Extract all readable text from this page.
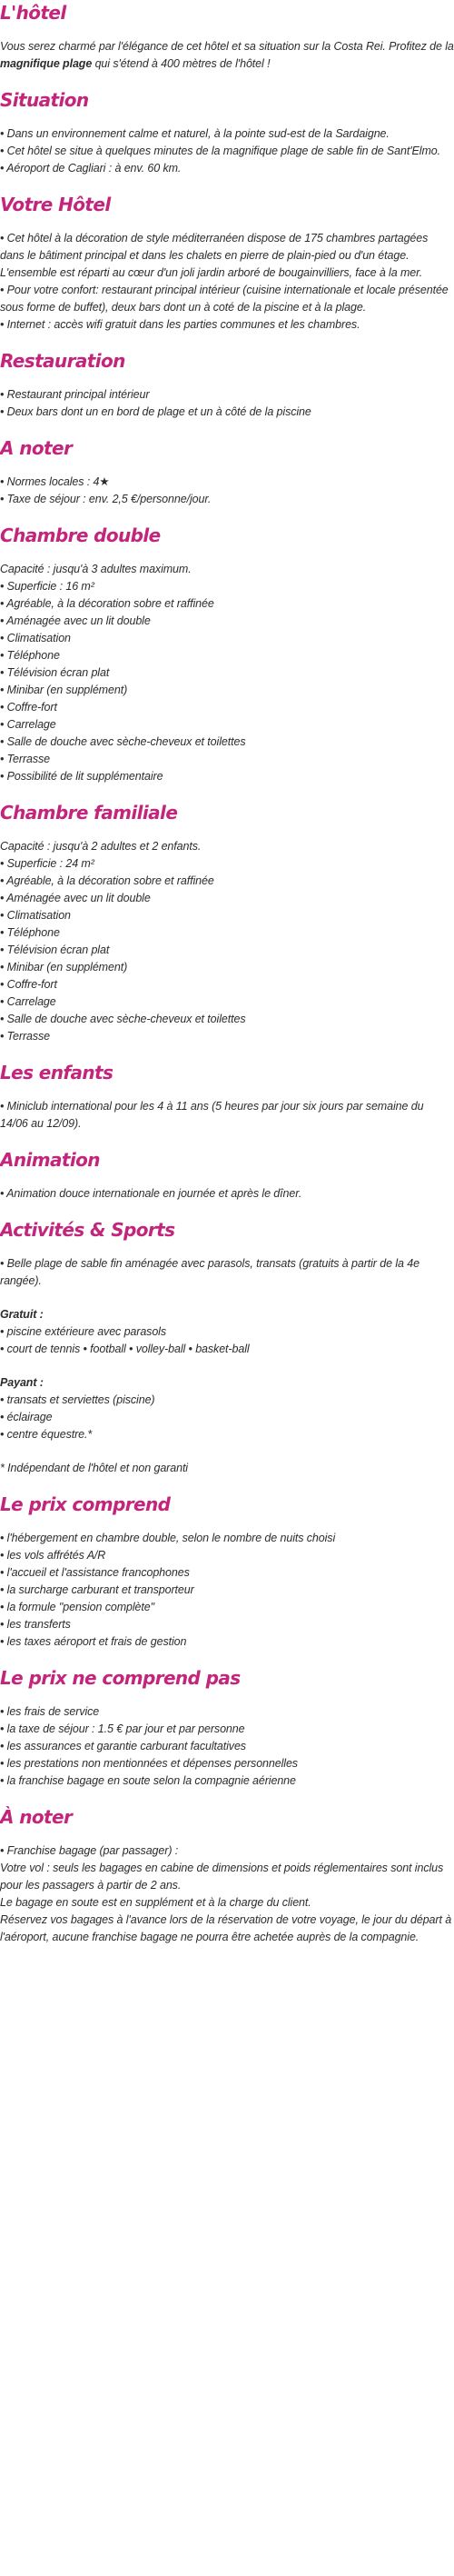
L'hôtel

Vous serez charmé par l'élégance de cet hôtel et sa situation sur la Costa Rei. Profitez de la magnifique plage qui s'étend à 400 mètres de l'hôtel !

Situation

• Dans un environnement calme et naturel, à la pointe sud-est de la Sardaigne.
• Cet hôtel se situe à quelques minutes de la magnifique plage de sable fin de Sant'Elmo.
• Aéroport de Cagliari : à env. 60 km.

Votre Hôtel

• Cet hôtel à la décoration de style méditerranéen dispose de 175 chambres partagées dans le bâtiment principal et dans les chalets en pierre de plain-pied ou d'un étage. L'ensemble est réparti au cœur d'un joli jardin arboré de bougainvilliers, face à la mer.
• Pour votre confort: restaurant principal intérieur (cuisine internationale et locale présentée sous forme de buffet), deux bars dont un à coté de la piscine et à la plage.
• Internet : accès wifi gratuit dans les parties communes et les chambres.

Restauration

• Restaurant principal intérieur
• Deux bars dont un en bord de plage et un à côté de la piscine

A noter

• Normes locales : 4★
• Taxe de séjour : env. 2,5 €/personne/jour.

Chambre double

Capacité : jusqu'à 3 adultes maximum.
• Superficie : 16 m²
• Agréable, à la décoration sobre et raffinée
• Aménagée avec un lit double
• Climatisation
• Téléphone
• Télévision écran plat
• Minibar (en supplément)
• Coffre-fort
• Carrelage
• Salle de douche avec sèche-cheveux et toilettes
• Terrasse
• Possibilité de lit supplémentaire

Chambre familiale

Capacité : jusqu'à 2 adultes et 2 enfants.
• Superficie : 24 m²
• Agréable, à la décoration sobre et raffinée
• Aménagée avec un lit double
• Climatisation
• Téléphone
• Télévision écran plat
• Minibar (en supplément)
• Coffre-fort
• Carrelage
• Salle de douche avec sèche-cheveux et toilettes
• Terrasse

Les enfants

• Miniclub international pour les 4 à 11 ans (5 heures par jour six jours par semaine du 14/06 au 12/09).

Animation

• Animation douce internationale en journée et après le dîner.

Activités & Sports

• Belle plage de sable fin aménagée avec parasols, transats (gratuits à partir de la 4e rangée).

Gratuit :
• piscine extérieure avec parasols
• court de tennis • football • volley-ball • basket-ball

Payant :
• transats et serviettes (piscine)
• éclairage
• centre équestre.*

* Indépendant de l'hôtel et non garanti

Le prix comprend

• l'hébergement en chambre double, selon le nombre de nuits choisi
• les vols affrétés A/R
• l'accueil et l'assistance francophones
• la surcharge carburant et transporteur
• la formule "pension complète"
• les transferts
• les taxes aéroport et frais de gestion

Le prix ne comprend pas

• les frais de service
• la taxe de séjour : 1.5 € par jour et par personne
• les assurances et garantie carburant facultatives
• les prestations non mentionnées et dépenses personnelles
• la franchise bagage en soute selon la compagnie aérienne

À noter

• Franchise bagage (par passager) :
Votre vol : seuls les bagages en cabine de dimensions et poids réglementaires sont inclus pour les passagers à partir de 2 ans.
Le bagage en soute est en supplément et à la charge du client.
Réservez vos bagages à l'avance lors de la réservation de votre voyage, le jour du départ à l'aéroport, aucune franchise bagage ne pourra être achetée auprès de la compagnie.
